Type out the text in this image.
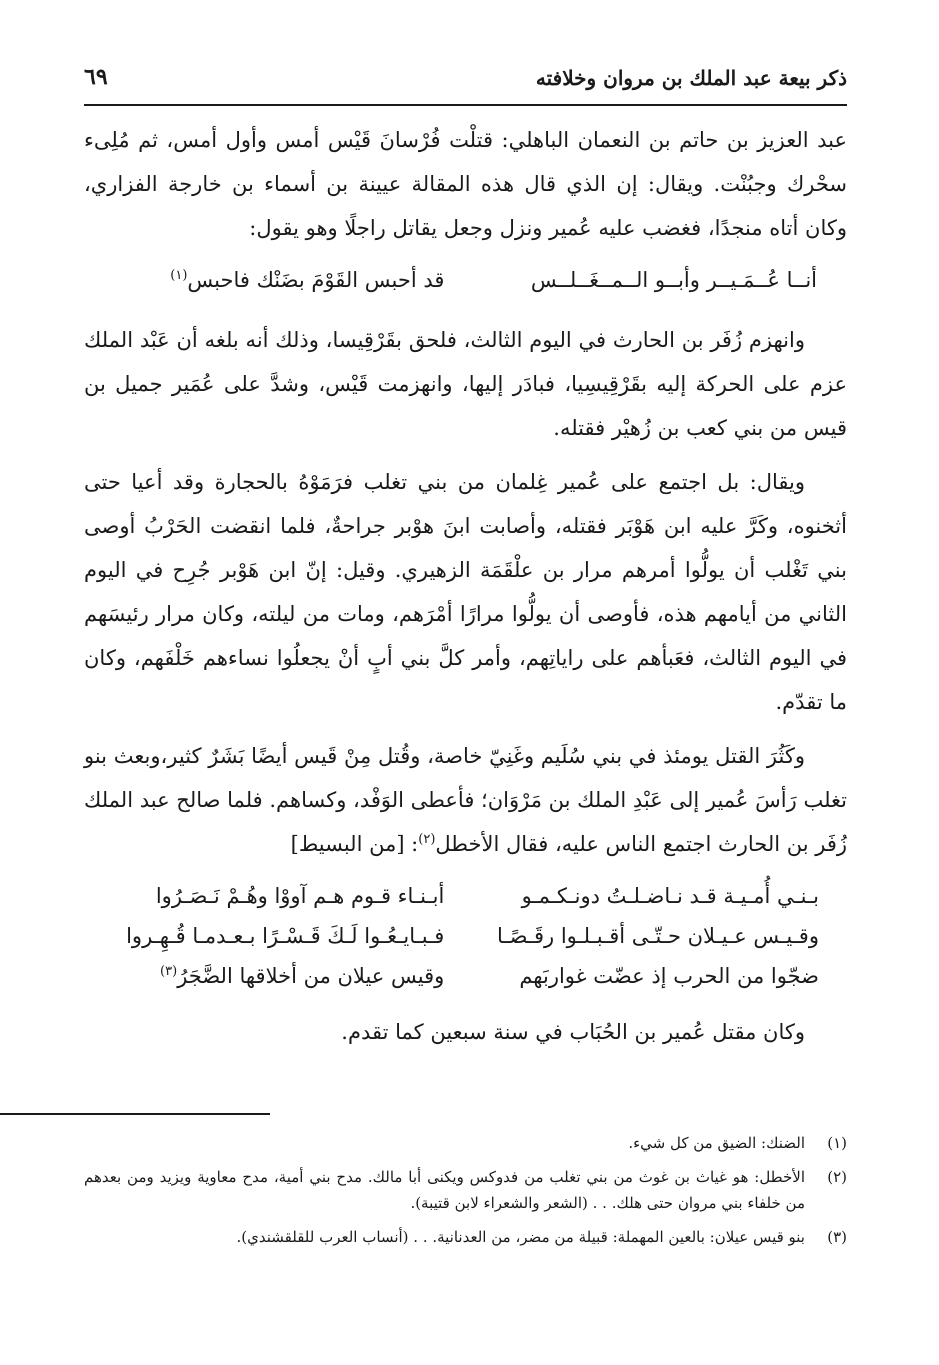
ذكر بيعة عبد الملك بن مروان وخلافته
٦٩

عبد العزيز بن حاتم بن النعمان الباهلي: قتلْت فُرْسانَ قَيْس أمس وأول أمس، ثم مُلِىء سحْرك وجبُنْت. ويقال: إن الذي قال هذه المقالة عيينة بن أسماء بن خارجة الفزاري، وكان أتاه منجدًا، فغضب عليه عُمير ونزل وجعل يقاتل راجلًا وهو يقول:

أنــا عُــمَـيــر وأبــو الــمــغَــلــس
قد أحبس القَوْمَ بضَنْك فاحبس$^{(١)}$

وانهزم زُفَر بن الحارث في اليوم الثالث، فلحق بقَرْقِيسا، وذلك أنه بلغه أن عَبْد الملك عزم على الحركة إليه بقَرْقِيسِيا، فبادَر إليها، وانهزمت قَيْس، وشدَّ على عُمَير جميل بن قيس من بني كعب بن زُهيْر فقتله.

ويقال: بل اجتمع على عُمير غِلمان من بني تغلب فرَمَوْهُ بالحجارة وقد أعيا حتى أثخنوه، وكَرَّ عليه ابن هَوْبَر فقتله، وأصابت ابنَ هوْبر جراحةٌ، فلما انقضت الحَرْبُ أوصى بني تَغْلب أن يولُّوا أمرهم مرار بن علْقَمَة الزهيري. وقيل: إنّ ابن هَوْبر جُرِح في اليوم الثاني من أيامهم هذه، فأوصى أن يولُّوا مرارًا أمْرَهم، ومات من ليلته، وكان مرار رئيسَهم في اليوم الثالث، فعَبأهم على راياتِهم، وأمر كلَّ بني أبٍ أنْ يجعلُوا نساءهم خَلْفَهم، وكان ما تقدّم.

وكَثُرَ القتل يومئذ في بني سُلَيم وغَنِيّ خاصة، وقُتل مِنْ قَيس أيضًا بَشَرٌ كثير،وبعث بنو تغلب رَأسَ عُمير إلى عَبْدِ الملك بن مَرْوَان؛ فأعطى الوَفْد، وكساهم. فلما صالح عبد الملك زُفَر بن الحارث اجتمع الناس عليه، فقال الأخطل$^{(٢)}$: [من البسيط]

بـنـي أُمـيـة قـد نـاضـلـتُ دونـكـمـو
أبـنـاء قـوم هـم آووْا وهُـمْ نَـصَـرُوا
وقـيـس عـيـلان حـتّـى أقـبـلـوا رقَـصًـا
فـبـايـعُـوا لَـكَ قَـسْـرًا بـعـدمـا قُـهِـروا
ضجّوا من الحرب إذ عضّت غواربَهم
وقيس عيلان من أخلاقها الضَّجَرُ$^{(٣)}$

وكان مقتل عُمير بن الحُبَاب في سنة سبعين كما تقدم.

(١)
الضنك: الضيق من كل شيء.
(٢)
الأخطل: هو غياث بن غوث من بني تغلب من فدوكس ويكنى أبا مالك. مدح بني أمية، مدح معاوية ويزيد ومن بعدهم من خلفاء بني مروان حتى هلك. . . (الشعر والشعراء لابن قتيبة).
(٣)
بنو قيس عيلان: بالعين المهملة: قبيلة من مضر، من العدنانية. . . (أنساب العرب للقلقشندي).
